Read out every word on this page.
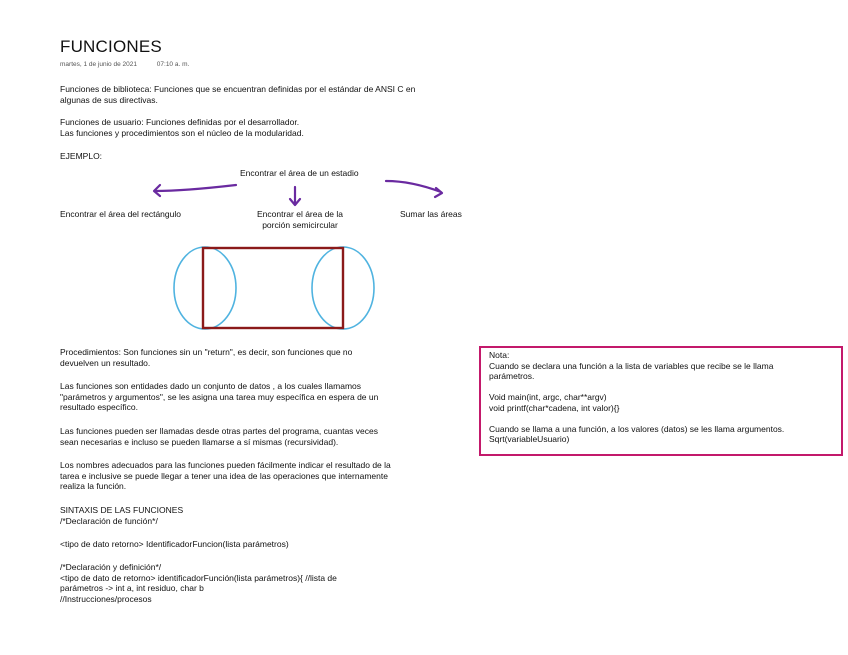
FUNCIONES
martes, 1 de junio de 2021	07:10 a. m.
Funciones de biblioteca: Funciones que se encuentran definidas por el estándar de ANSI C en
algunas de sus directivas.
Funciones de usuario: Funciones definidas por el desarrollador.
Las funciones y procedimientos son el núcleo de la modularidad.
EJEMPLO:
Encontrar el área de un estadio
Encontrar el área del rectángulo	Encontrar el área de la
porción semicircular
Sumar las áreas
Procedimientos: Son funciones sin un "return", es decir, son funciones que no
devuelven un resultado.
Las funciones son entidades dado un conjunto de datos , a los cuales llamamos
"parámetros y argumentos", se les asigna una tarea muy específica en espera de un
resultado específico.
Las funciones pueden ser llamadas desde otras partes del programa, cuantas veces
sean necesarias e incluso se pueden llamarse a sí mismas (recursividad).
Los nombres adecuados para las funciones pueden fácilmente indicar el resultado de la
tarea e inclusive se puede llegar a tener una idea de las operaciones que internamente
realiza la función.
SINTAXIS DE LAS FUNCIONES
/*Declaración de función*/
<tipo de dato retorno> IdentificadorFuncion(lista parámetros)
/*Declaración y definición*/
<tipo de dato de retorno> identificadorFunción(lista parámetros){ //lista de
parámetros -> int a, int residuo, char b
//Instrucciones/procesos
Nota:
Cuando se declara una función a la lista de variables que recibe se le llama
parámetros.

Void main(int, argc, char**argv)
void printf(char*cadena, int valor){}

Cuando se llama a una función, a los valores (datos) se les llama argumentos.
Sqrt(variableUsuario)
